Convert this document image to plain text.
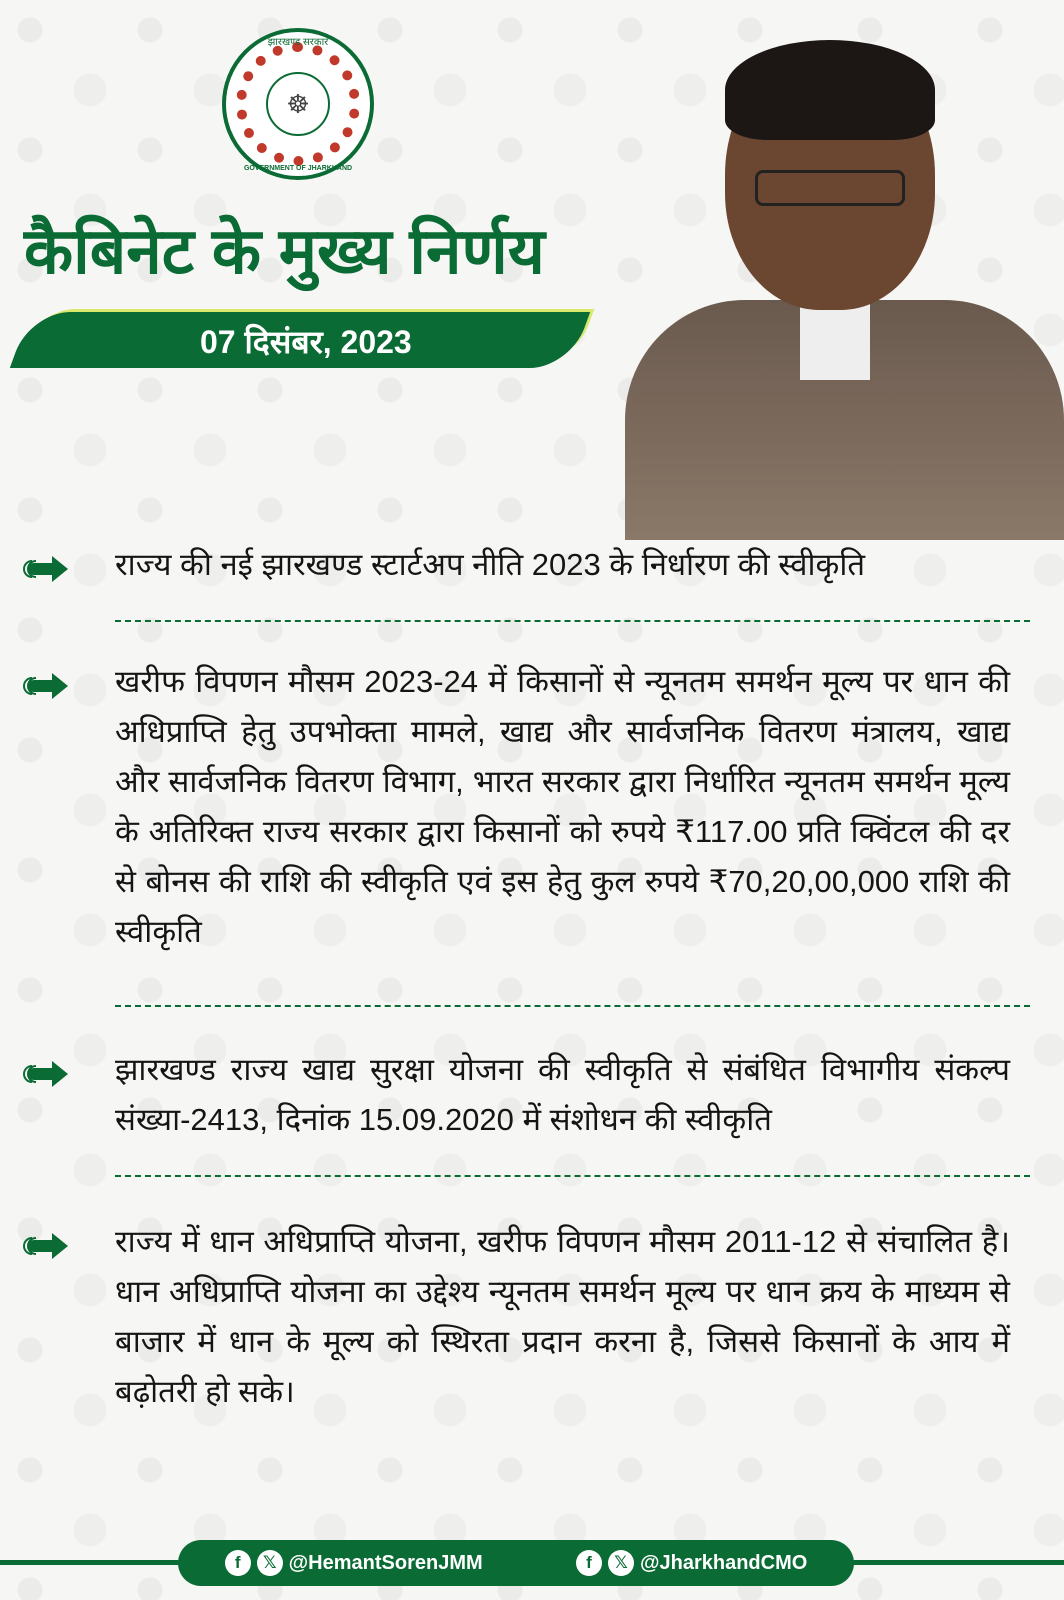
झारखण्ड सरकार
☸
GOVERNMENT OF JHARKHAND
कैबिनेट के मुख्य निर्णय
07 दिसंबर, 2023
राज्य की नई झारखण्ड स्टार्टअप नीति 2023 के निर्धारण की स्वीकृति
खरीफ विपणन मौसम 2023-24 में किसानों से न्यूनतम समर्थन मूल्य पर धान की अधिप्राप्ति हेतु उपभोक्ता मामले, खाद्य और सार्वजनिक वितरण मंत्रालय, खाद्य और सार्वजनिक वितरण विभाग, भारत सरकार द्वारा निर्धारित न्यूनतम समर्थन मूल्य के अतिरिक्त राज्य सरकार द्वारा किसानों को रुपये ₹117.00 प्रति क्विंटल की दर से बोनस की राशि की स्वीकृति एवं इस हेतु कुल रुपये ₹70,20,00,000 राशि की स्वीकृति
झारखण्ड राज्य खाद्य सुरक्षा योजना की स्वीकृति से संबंधित विभागीय संकल्प संख्या-2413, दिनांक 15.09.2020 में संशोधन की स्वीकृति
राज्य में धान अधिप्राप्ति योजना, खरीफ विपणन मौसम 2011-12 से संचालित है। धान अधिप्राप्ति योजना का उद्देश्य न्यूनतम समर्थन मूल्य पर धान क्रय के माध्यम से बाजार में धान के मूल्य को स्थिरता प्रदान करना है, जिससे किसानों के आय में बढ़ोतरी हो सके।
f	𝕏 @HemantSorenJMM	f	𝕏 @JharkhandCMO
